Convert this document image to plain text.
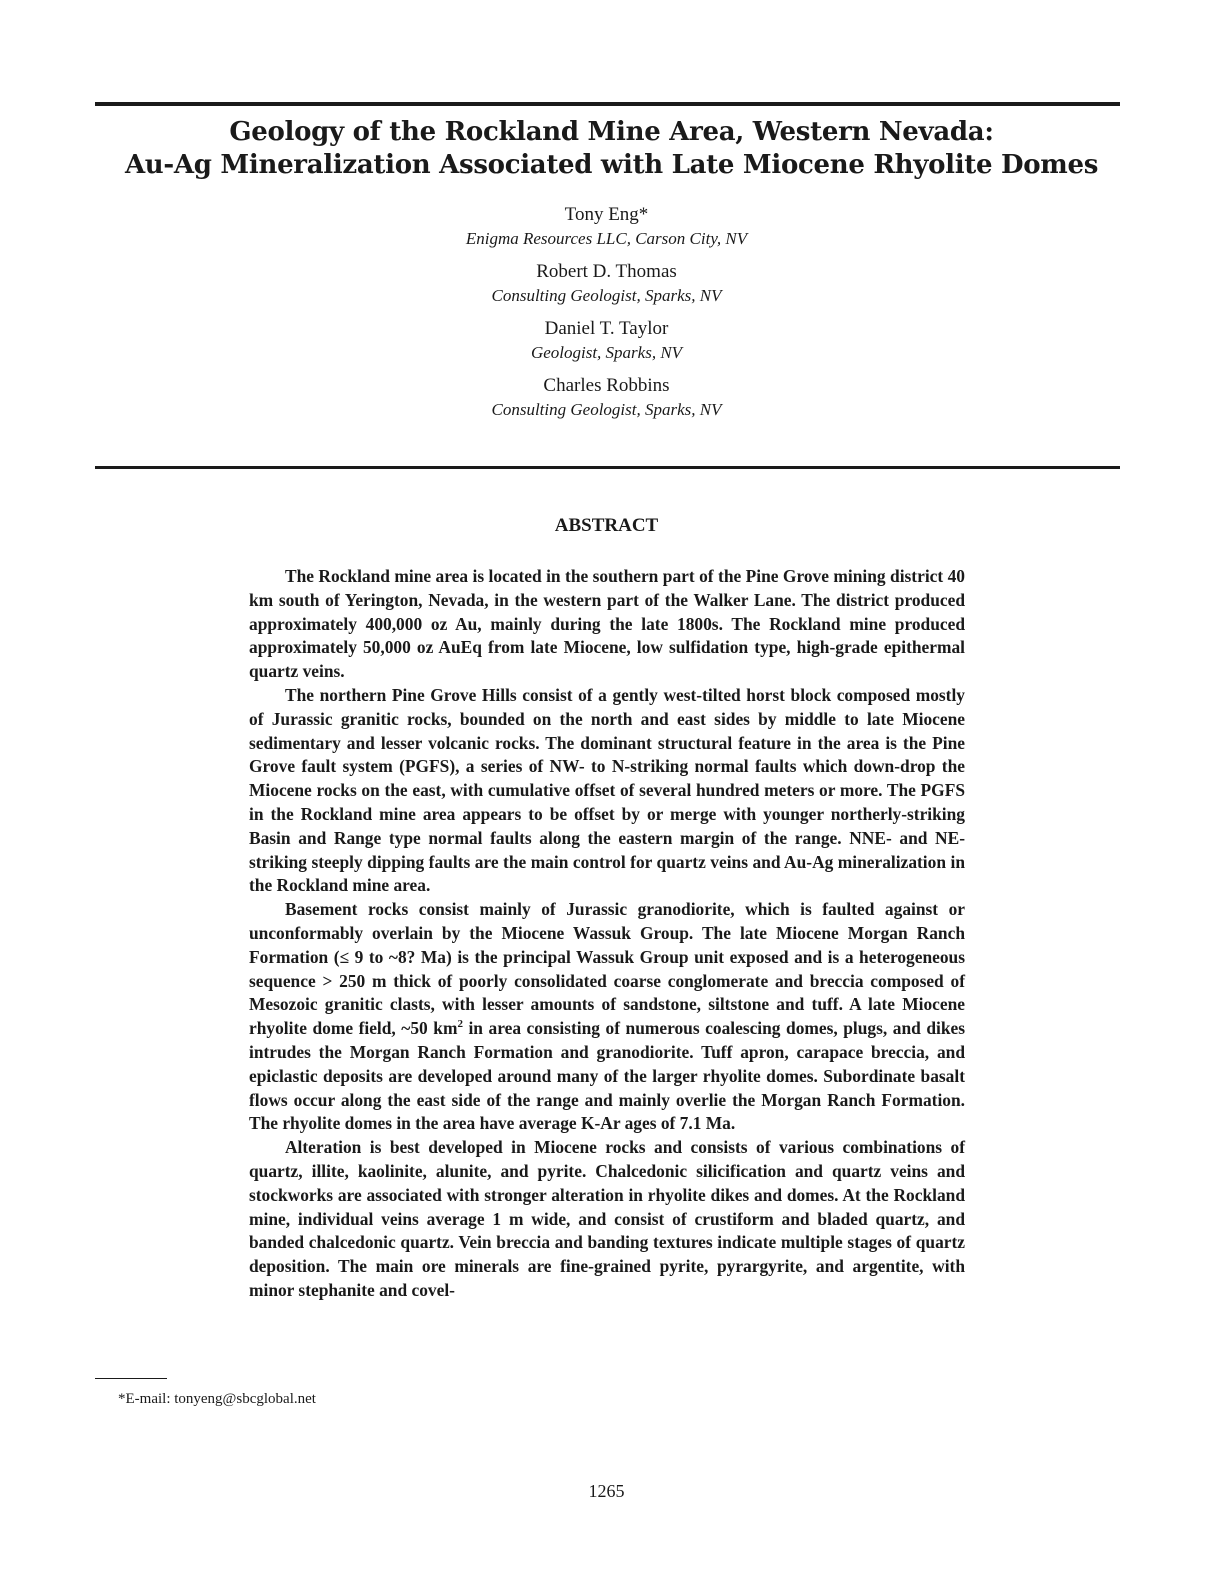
Geology of the Rockland Mine Area, Western Nevada:
Au-Ag Mineralization Associated with Late Miocene Rhyolite Domes
Tony Eng*
Enigma Resources LLC, Carson City, NV
Robert D. Thomas
Consulting Geologist, Sparks, NV
Daniel T. Taylor
Geologist, Sparks, NV
Charles Robbins
Consulting Geologist, Sparks, NV
ABSTRACT

The Rockland mine area is located in the southern part of the Pine Grove mining district 40 km south of Yerington, Nevada, in the western part of the Walker Lane. The district produced approximately 400,000 oz Au, mainly during the late 1800s. The Rockland mine produced approximately 50,000 oz AuEq from late Miocene, low sulfidation type, high-grade epithermal quartz veins.

The northern Pine Grove Hills consist of a gently west-tilted horst block composed mostly of Jurassic granitic rocks, bounded on the north and east sides by middle to late Miocene sedimentary and lesser volcanic rocks. The dominant structural feature in the area is the Pine Grove fault system (PGFS), a series of NW- to N-striking normal faults which down-drop the Miocene rocks on the east, with cumulative offset of several hundred meters or more. The PGFS in the Rockland mine area appears to be offset by or merge with younger northerly-striking Basin and Range type normal faults along the eastern margin of the range. NNE- and NE-striking steeply dipping faults are the main control for quartz veins and Au-Ag mineralization in the Rockland mine area.

Basement rocks consist mainly of Jurassic granodiorite, which is faulted against or unconformably overlain by the Miocene Wassuk Group. The late Miocene Morgan Ranch Formation (≤ 9 to ~8? Ma) is the principal Wassuk Group unit exposed and is a heterogeneous sequence > 250 m thick of poorly consolidated coarse conglomerate and breccia composed of Mesozoic granitic clasts, with lesser amounts of sandstone, siltstone and tuff. A late Miocene rhyolite dome field, ~50 $km^2$ in area consisting of numerous coalescing domes, plugs, and dikes intrudes the Morgan Ranch Formation and granodiorite. Tuff apron, carapace breccia, and epiclastic deposits are developed around many of the larger rhyolite domes. Subordinate basalt flows occur along the east side of the range and mainly overlie the Morgan Ranch Formation. The rhyolite domes in the area have average K-Ar ages of 7.1 Ma.

Alteration is best developed in Miocene rocks and consists of various combinations of quartz, illite, kaolinite, alunite, and pyrite. Chalcedonic silicification and quartz veins and stockworks are associated with stronger alteration in rhyolite dikes and domes. At the Rockland mine, individual veins average 1 m wide, and consist of crustiform and bladed quartz, and banded chalcedonic quartz. Vein breccia and banding textures indicate multiple stages of quartz deposition. The main ore minerals are fine-grained pyrite, pyrargyrite, and argentite, with minor stephanite and covel-

*E-mail: tonyeng@sbcglobal.net
1265
